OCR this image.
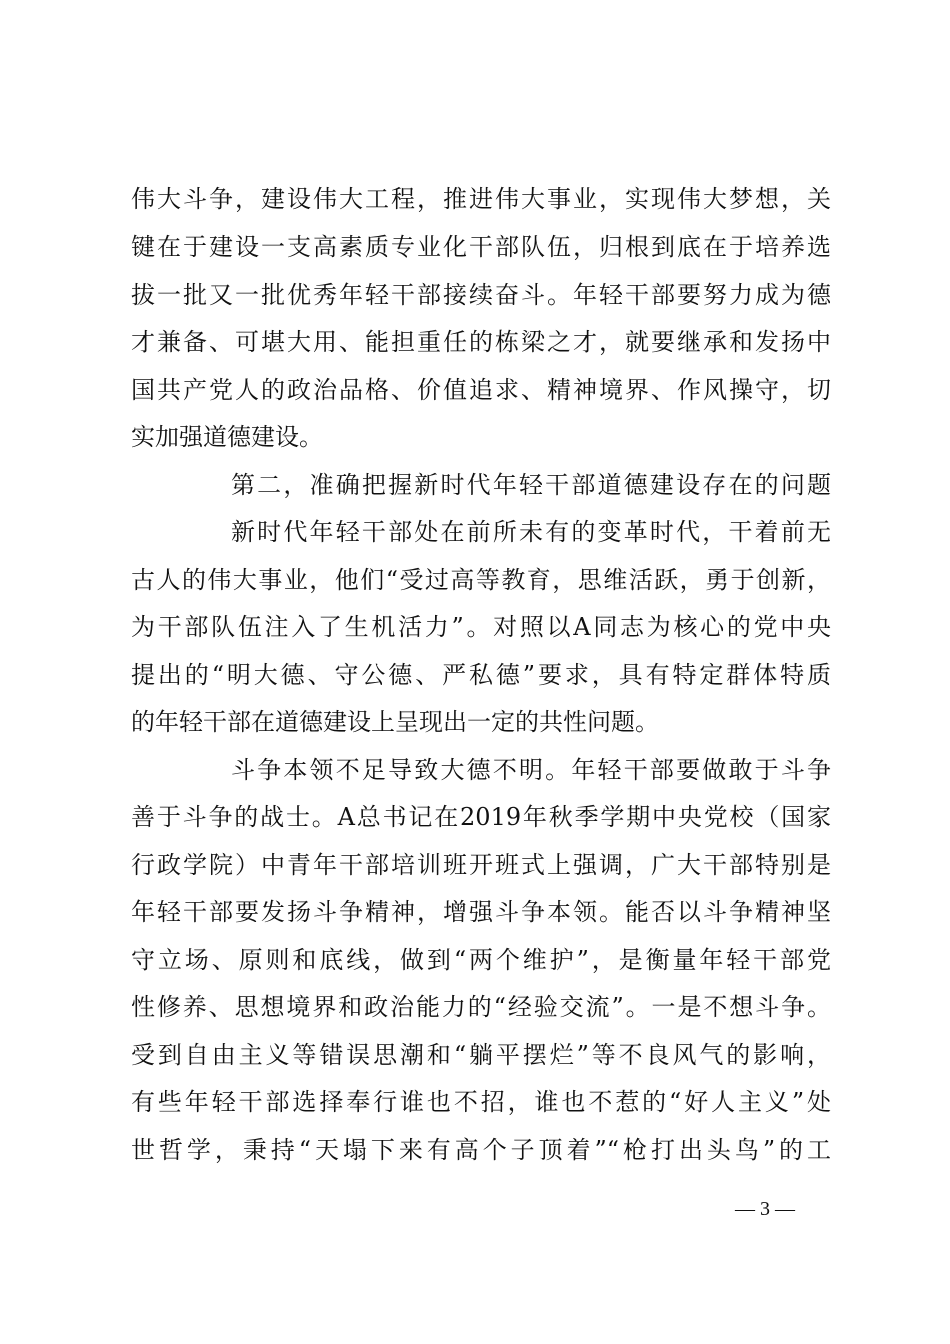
伟大斗争，建设伟大工程，推进伟大事业，实现伟大梦想，关
键在于建设一支高素质专业化干部队伍，归根到底在于培养选
拔一批又一批优秀年轻干部接续奋斗。年轻干部要努力成为德
才兼备、可堪大用、能担重任的栋梁之才，就要继承和发扬中
国共产党人的政治品格、价值追求、精神境界、作风操守，切
实加强道德建设。
第二，准确把握新时代年轻干部道德建设存在的问题
新时代年轻干部处在前所未有的变革时代，干着前无
古人的伟大事业，他们“受过高等教育，思维活跃，勇于创新，
为干部队伍注入了生机活力”。对照以A同志为核心的党中央
提出的“明大德、守公德、严私德”要求，具有特定群体特质
的年轻干部在道德建设上呈现出一定的共性问题。
斗争本领不足导致大德不明。年轻干部要做敢于斗争
善于斗争的战士。A总书记在2019年秋季学期中央党校（国家
行政学院）中青年干部培训班开班式上强调，广大干部特别是
年轻干部要发扬斗争精神，增强斗争本领。能否以斗争精神坚
守立场、原则和底线，做到“两个维护”，是衡量年轻干部党
性修养、思想境界和政治能力的“经验交流”。一是不想斗争。
受到自由主义等错误思潮和“躺平摆烂”等不良风气的影响，
有些年轻干部选择奉行谁也不招，谁也不惹的“好人主义”处
世哲学，秉持“天塌下来有高个子顶着”“枪打出头鸟”的工
— 3 —
